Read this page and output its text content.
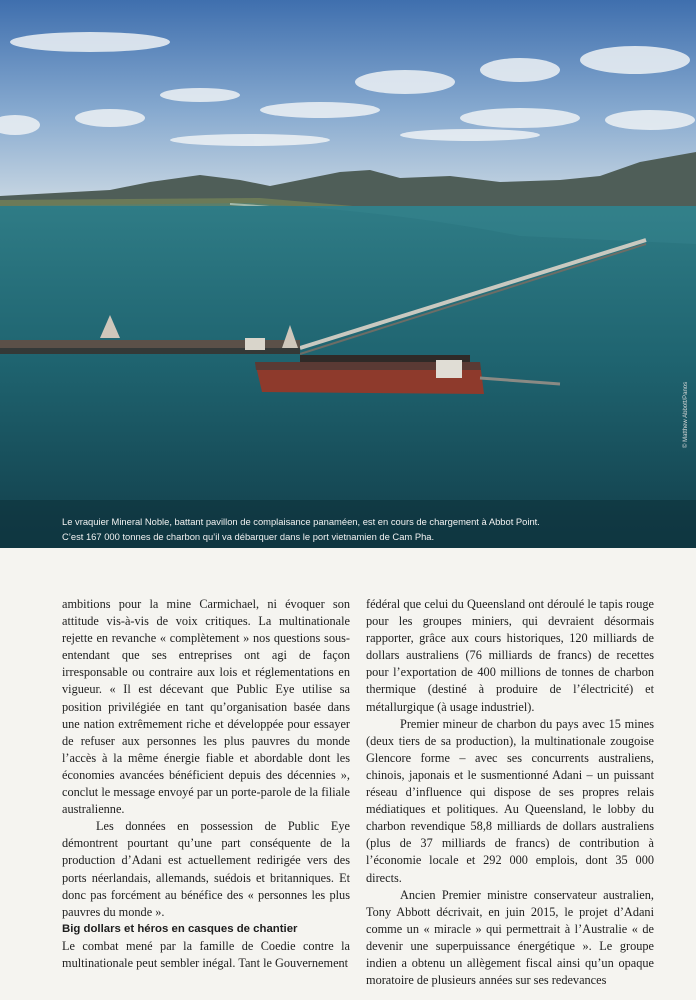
Le vraquier Mineral Noble, battant pavillon de complaisance panaméen, est en cours de chargement à Abbot Point.
C’est 167 000 tonnes de charbon qu’il va débarquer dans le port vietnamien de Cam Pha.
© Matthew Abbott/Panos

ambitions pour la mine Carmichael, ni évoquer son attitude vis-à-vis de voix critiques. La multinationale rejette en revanche « complètement » nos questions sous-entendant que ses entreprises ont agi de façon irresponsable ou contraire aux lois et réglementations en vigueur. « Il est décevant que Public Eye utilise sa position privilégiée en tant qu’organisation basée dans une nation extrêmement riche et développée pour essayer de refuser aux personnes les plus pauvres du monde l’accès à la même énergie fiable et abordable dont les économies avancées bénéficient depuis des décennies », conclut le message envoyé par un porte-parole de la filiale australienne.

Les données en possession de Public Eye démontrent pourtant qu’une part conséquente de la production d’Adani est actuellement redirigée vers des ports néerlandais, allemands, suédois et britanniques. Et donc pas forcément au bénéfice des « personnes les plus pauvres du monde ».

Big dollars et héros en casques de chantier

Le combat mené par la famille de Coedie contre la multinationale peut sembler inégal. Tant le Gouvernement

fédéral que celui du Queensland ont déroulé le tapis rouge pour les groupes miniers, qui devraient désormais rapporter, grâce aux cours historiques, 120 milliards de dollars australiens (76 milliards de francs) de recettes pour l’exportation de 400 millions de tonnes de charbon thermique (destiné à produire de l’électricité) et métallurgique (à usage industriel).

Premier mineur de charbon du pays avec 15 mines (deux tiers de sa production), la multinationale zougoise Glencore forme – avec ses concurrents australiens, chinois, japonais et le susmentionné Adani – un puissant réseau d’influence qui dispose de ses propres relais médiatiques et politiques. Au Queensland, le lobby du charbon revendique 58,8 milliards de dollars australiens (plus de 37 milliards de francs) de contribution à l’économie locale et 292 000 emplois, dont 35 000 directs.

Ancien Premier ministre conservateur australien, Tony Abbott décrivait, en juin 2015, le projet d’Adani comme un « miracle » qui permettrait à l’Australie « de devenir une superpuissance énergétique ». Le groupe indien a obtenu un allègement fiscal ainsi qu’un opaque moratoire de plusieurs années sur ses redevances
